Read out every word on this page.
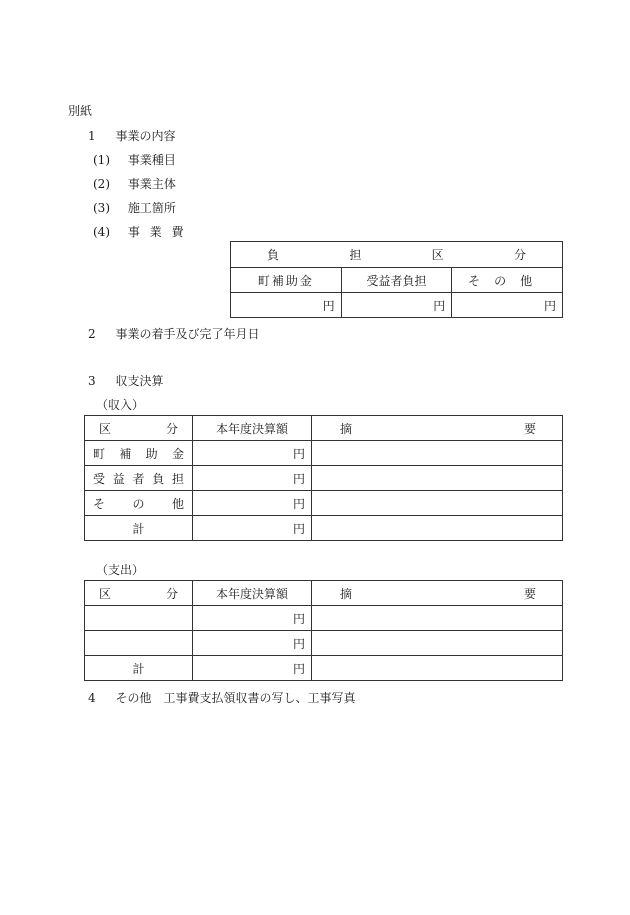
別紙
1 事業の内容
(1) 事業種目
(2) 事業主体
(3) 施工箇所
(4) 事 業 費
負 担 区 分		

町補助金	受益者負担	その他
円	円	円
2 事業の着手及び完了年月日
3 収支決算
（収入）
区 分	本年度決算額	摘 要

町 補 助 金	円	

受 益 者 負 担	円	

そ の 他	円	
計	円	
（支出）
区 分	本年度決算額	摘 要

	円	
	円	
計	円	
4 その他　工事費支払領収書の写し、工事写真
